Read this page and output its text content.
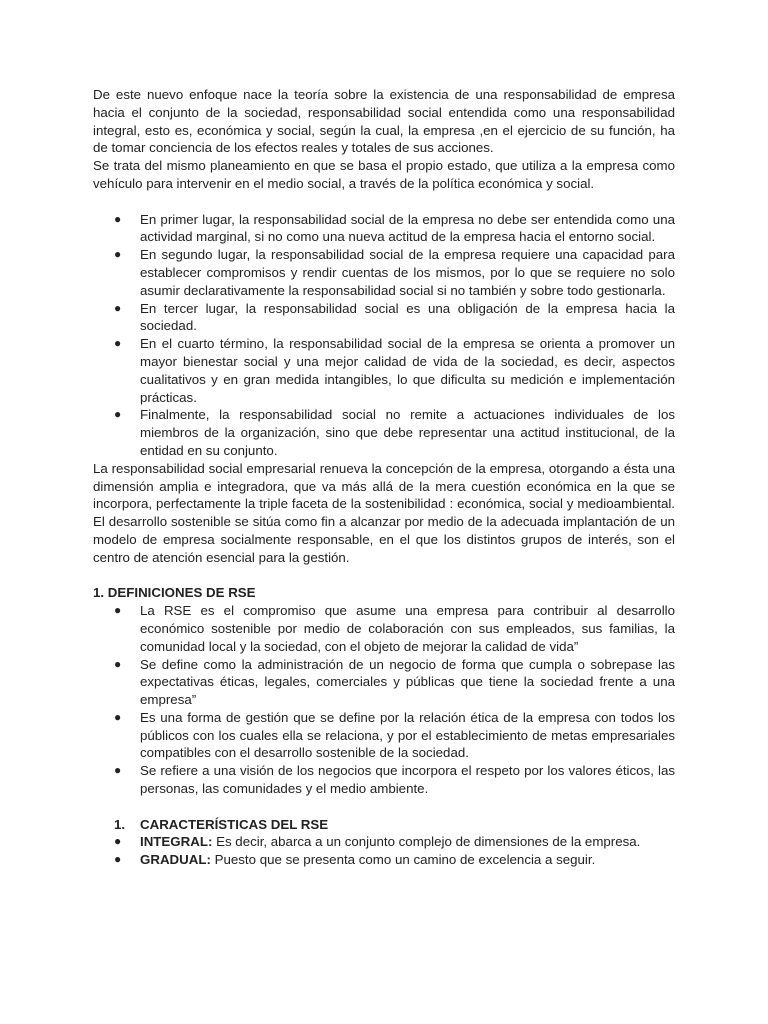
De este nuevo enfoque nace la teoría sobre la existencia de una responsabilidad de empresa hacia el conjunto de la sociedad, responsabilidad social entendida como una responsabilidad integral, esto es, económica y social, según la cual, la empresa ,en el ejercicio de su función, ha de tomar conciencia de los efectos reales y totales de sus acciones.

Se trata del mismo planeamiento en que se basa el propio estado, que utiliza a la empresa como vehículo para intervenir en el medio social, a través de la política económica y social.

● En primer lugar, la responsabilidad social de la empresa no debe ser entendida como una actividad marginal, si no como una nueva actitud de la empresa hacia el entorno social.
● En segundo lugar, la responsabilidad social de la empresa requiere una capacidad para establecer compromisos y rendir cuentas de los mismos, por lo que se requiere no solo asumir declarativamente la responsabilidad social si no también y sobre todo gestionarla.
● En tercer lugar, la responsabilidad social es una obligación de la empresa hacia la sociedad.
● En el cuarto término, la responsabilidad social de la empresa se orienta a promover un mayor bienestar social y una mejor calidad de vida de la sociedad, es decir, aspectos cualitativos y en gran medida intangibles, lo que dificulta su medición e implementación prácticas.
● Finalmente, la responsabilidad social no remite a actuaciones individuales de los miembros de la organización, sino que debe representar una actitud institucional, de la entidad en su conjunto.

La responsabilidad social empresarial renueva la concepción de la empresa, otorgando a ésta una dimensión amplia e integradora, que va más allá de la mera cuestión económica en la que se incorpora, perfectamente la triple faceta de la sostenibilidad : económica, social y medioambiental. El desarrollo sostenible se sitúa como fin a alcanzar por medio de la adecuada implantación de un modelo de empresa socialmente responsable, en el que los distintos grupos de interés, son el centro de atención esencial para la gestión.

1. DEFINICIONES DE RSE
● La RSE es el compromiso que asume una empresa para contribuir al desarrollo económico sostenible por medio de colaboración con sus empleados, sus familias, la comunidad local y la sociedad, con el objeto de mejorar la calidad de vida”
● Se define como la administración de un negocio de forma que cumpla o sobrepase las expectativas éticas, legales, comerciales y públicas que tiene la sociedad frente a una empresa”
● Es una forma de gestión que se define por la relación ética de la empresa con todos los públicos con los cuales ella se relaciona, y por el establecimiento de metas empresariales compatibles con el desarrollo sostenible de la sociedad.
● Se refiere a una visión de los negocios que incorpora el respeto por los valores éticos, las personas, las comunidades y el medio ambiente.
1. CARACTERÍSTICAS DEL RSE
● INTEGRAL: Es decir, abarca a un conjunto complejo de dimensiones de la empresa.
● GRADUAL: Puesto que se presenta como un camino de excelencia a seguir.
